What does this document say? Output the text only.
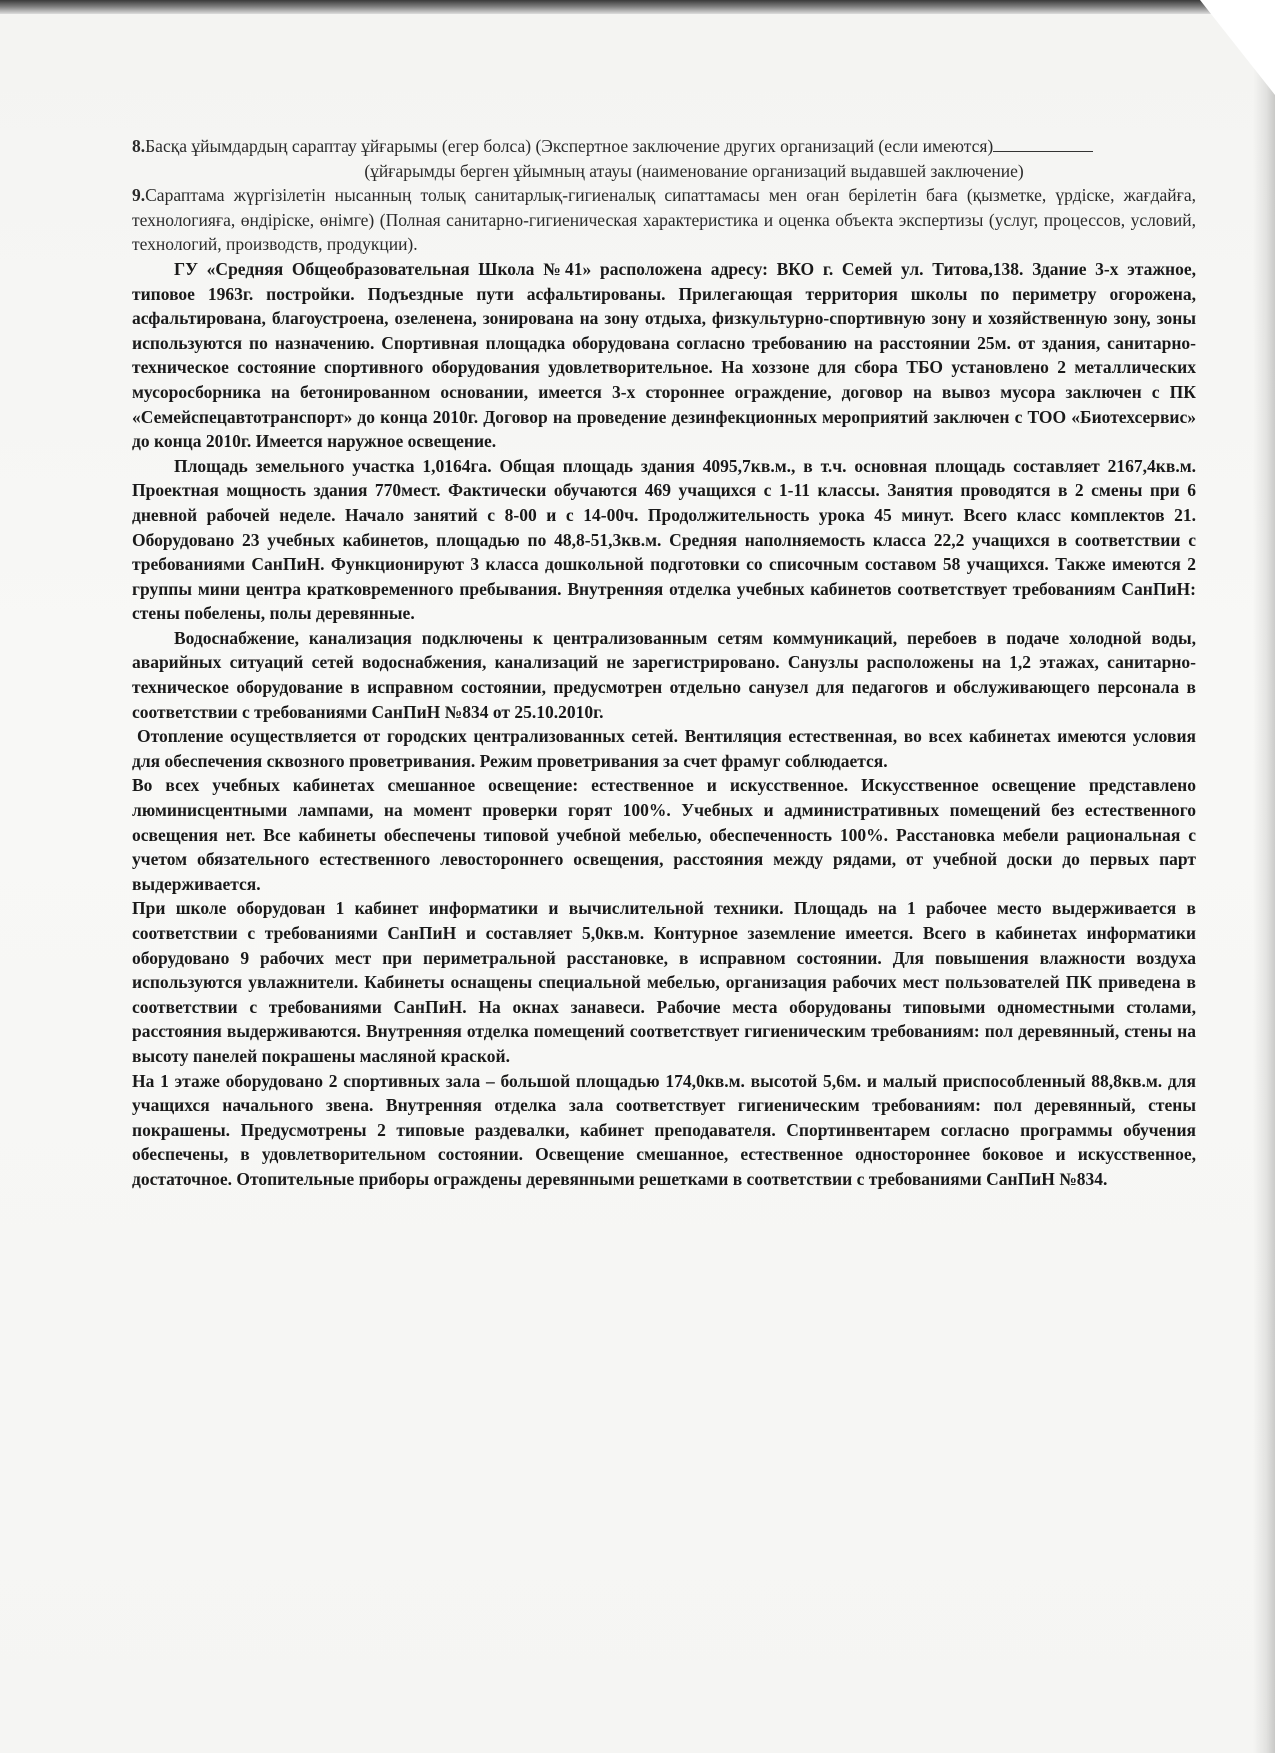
8.Басқа ұйымдардың сараптау ұйғарымы (егер болса) (Экспертное заключение других организаций (если имеются)

(ұйғарымды берген ұйымның атауы (наименование организаций выдавшей заключение)

9.Сараптама жүргізілетін нысанның толық санитарлық-гигиеналық сипаттамасы мен оған берілетін баға (қызметке, үрдіске, жағдайға, технологияға, өндіріске, өнімге) (Полная санитарно-гигиеническая характеристика и оценка объекта экспертизы (услуг, процессов, условий, технологий, производств, продукции).

ГУ «Средняя Общеобразовательная Школа №41» расположена адресу: ВКО г. Семей ул. Титова,138. Здание 3-х этажное, типовое 1963г. постройки. Подъездные пути асфальтированы. Прилегающая территория школы по периметру огорожена, асфальтирована, благоустроена, озеленена, зонирована на зону отдыха, физкультурно-спортивную зону и хозяйственную зону, зоны используются по назначению. Спортивная площадка оборудована согласно требованию на расстоянии 25м. от здания, санитарно- техническое состояние спортивного оборудования удовлетворительное. На хоззоне для сбора ТБО установлено 2 металлических мусоросборника на бетонированном основании, имеется 3-х стороннее ограждение, договор на вывоз мусора заключен с ПК «Семейспецавтотранспорт» до конца 2010г. Договор на проведение дезинфекционных мероприятий заключен с ТОО «Биотехсервис» до конца 2010г. Имеется наружное освещение.

Площадь земельного участка 1,0164га. Общая площадь здания 4095,7кв.м., в т.ч. основная площадь составляет 2167,4кв.м. Проектная мощность здания 770мест. Фактически обучаются 469 учащихся с 1-11 классы. Занятия проводятся в 2 смены при 6 дневной рабочей неделе. Начало занятий с 8-00 и с 14-00ч. Продолжительность урока 45 минут. Всего класс комплектов 21. Оборудовано 23 учебных кабинетов, площадью по 48,8-51,3кв.м. Средняя наполняемость класса 22,2 учащихся в соответствии с требованиями СанПиН. Функционируют 3 класса дошкольной подготовки со списочным составом 58 учащихся. Также имеются 2 группы мини центра кратковременного пребывания. Внутренняя отделка учебных кабинетов соответствует требованиям СанПиН: стены побелены, полы деревянные.

Водоснабжение, канализация подключены к централизованным сетям коммуникаций, перебоев в подаче холодной воды, аварийных ситуаций сетей водоснабжения, канализаций не зарегистрировано. Санузлы расположены на 1,2 этажах, санитарно-техническое оборудование в исправном состоянии, предусмотрен отдельно санузел для педагогов и обслуживающего персонала в соответствии с требованиями СанПиН №834 от 25.10.2010г.

Отопление осуществляется от городских централизованных сетей. Вентиляция естественная, во всех кабинетах имеются условия для обеспечения сквозного проветривания. Режим проветривания за счет фрамуг соблюдается.

Во всех учебных кабинетах смешанное освещение: естественное и искусственное. Искусственное освещение представлено люминисцентными лампами, на момент проверки горят 100%. Учебных и административных помещений без естественного освещения нет. Все кабинеты обеспечены типовой учебной мебелью, обеспеченность 100%. Расстановка мебели рациональная с учетом обязательного естественного левостороннего освещения, расстояния между рядами, от учебной доски до первых парт выдерживается.

При школе оборудован 1 кабинет информатики и вычислительной техники. Площадь на 1 рабочее место выдерживается в соответствии с требованиями СанПиН и составляет 5,0кв.м. Контурное заземление имеется. Всего в кабинетах информатики оборудовано 9 рабочих мест при периметральной расстановке, в исправном состоянии. Для повышения влажности воздуха используются увлажнители. Кабинеты оснащены специальной мебелью, организация рабочих мест пользователей ПК приведена в соответствии с требованиями СанПиН. На окнах занавеси. Рабочие места оборудованы типовыми одноместными столами, расстояния выдерживаются. Внутренняя отделка помещений соответствует гигиеническим требованиям: пол деревянный, стены на высоту панелей покрашены масляной краской.

На 1 этаже оборудовано 2 спортивных зала – большой площадью 174,0кв.м. высотой 5,6м. и малый приспособленный 88,8кв.м. для учащихся начального звена. Внутренняя отделка зала соответствует гигиеническим требованиям: пол деревянный, стены покрашены. Предусмотрены 2 типовые раздевалки, кабинет преподавателя. Спортинвентарем согласно программы обучения обеспечены, в удовлетворительном состоянии. Освещение смешанное, естественное одностороннее боковое и искусственное, достаточное. Отопительные приборы ограждены деревянными решетками в соответствии с требованиями СанПиН №834.
